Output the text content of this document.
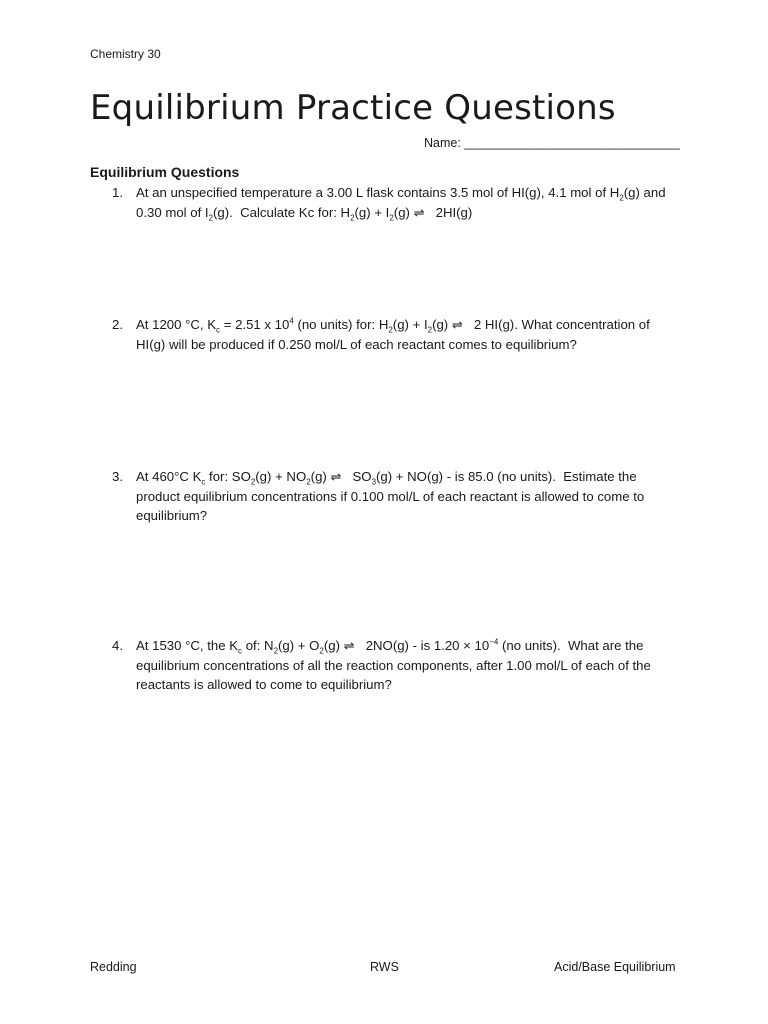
Chemistry 30
Equilibrium Practice Questions
Name: _______________________________
Equilibrium Questions
1. At an unspecified temperature a 3.00 L flask contains 3.5 mol of HI(g), 4.1 mol of $H_2(g)$ and 0.30 mol of $I_2(g)$.  Calculate Kc for: $H_2(g) + I_2(g)$ ⇌   2HI(g)
2. At 1200 °C, $K_c = 2.51$ x $10^4$ (no units) for: $H_2(g) + I_2(g)$ ⇌   2 HI(g). What concentration of HI(g) will be produced if 0.250 mol/L of each reactant comes to equilibrium?
3. At 460°C $K_c$ for: $SO_2(g) + NO_2(g)$ ⇌   $SO_3(g) + NO(g)$ - is 85.0 (no units).  Estimate the product equilibrium concentrations if 0.100 mol/L of each reactant is allowed to come to equilibrium?
4. At 1530 °C, the $K_c$ of: $N_2(g) + O_2(g)$ ⇌   2NO(g) - is $1.20 \times 10^{-4}$ (no units).  What are the equilibrium concentrations of all the reaction components, after 1.00 mol/L of each of the reactants is allowed to come to equilibrium?
Redding	RWS	Acid/Base Equilibrium
